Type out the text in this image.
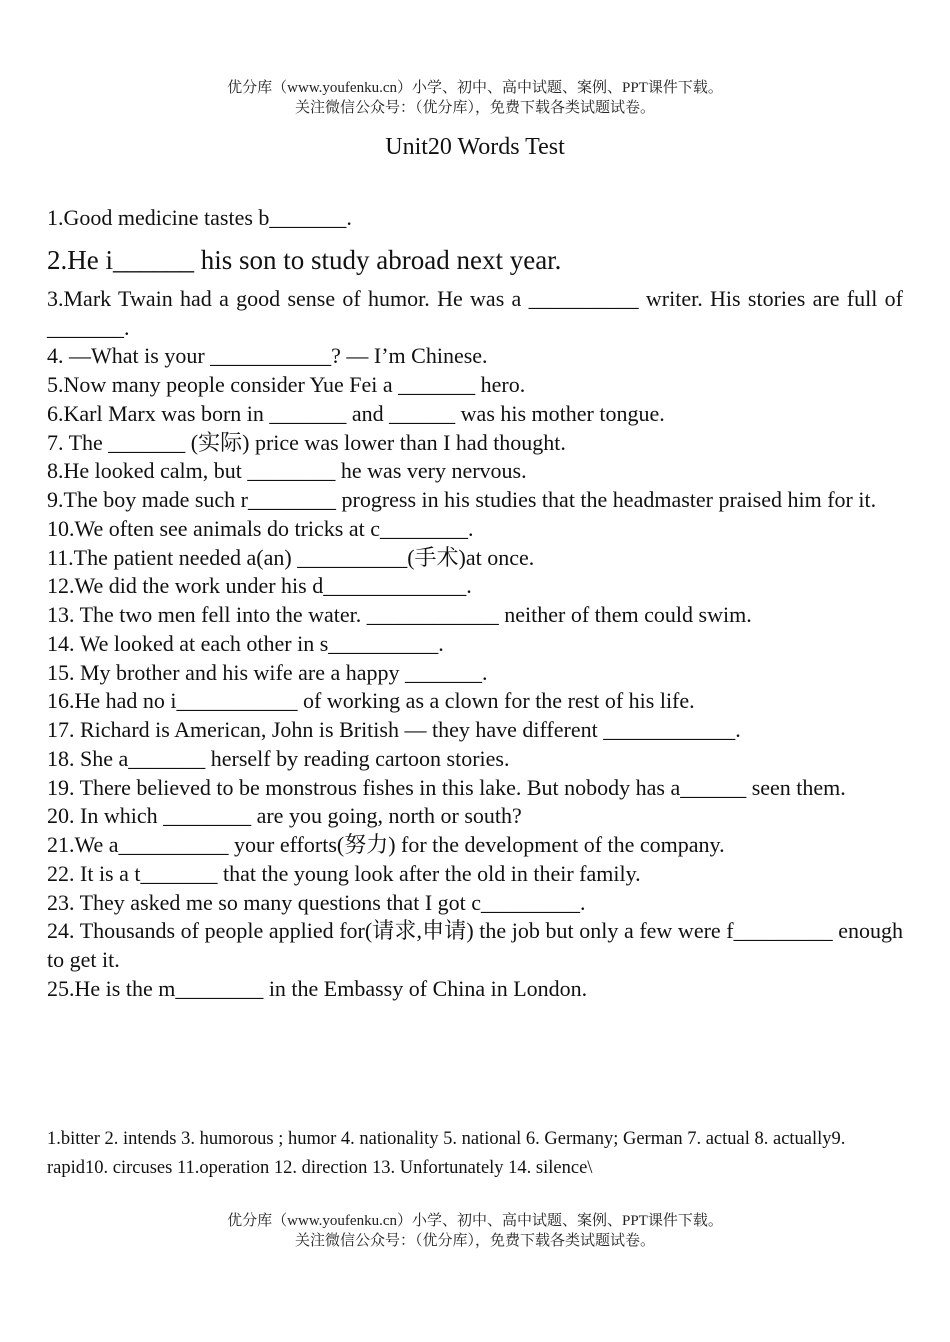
优分库（www.youfenku.cn）小学、初中、高中试题、案例、PPT课件下载。
关注微信公众号：（优分库），免费下载各类试题试卷。
Unit20 Words Test

1.Good medicine tastes b_______.

2.He i______ his son to study abroad next year.

3.Mark Twain had a good sense of humor. He was a __________ writer. His stories are full of _______.

4. —What is your ___________? — I’m Chinese.

5.Now many people consider Yue Fei a _______ hero.

6.Karl Marx was born in _______ and ______ was his mother tongue.

7. The _______ (实际) price was lower than I had thought.

8.He looked calm, but ________ he was very nervous.

9.The boy made such r________ progress in his studies that the headmaster praised him for it.

10.We often see animals do tricks at c________.

11.The patient needed a(an) __________(手术)at once.

12.We did the work under his d_____________.

13. The two men fell into the water. ____________ neither of them could swim.

14. We looked at each other in s__________.

15. My brother and his wife are a happy _______.

16.He had no i___________ of working as a clown for the rest of his life.

17. Richard is American, John is British — they have different ____________.

18. She a_______ herself by reading cartoon stories.

19. There believed to be monstrous fishes in this lake. But nobody has a______ seen them.

20. In which ________ are you going, north or south?

21.We a__________ your efforts(努力) for the development of the company.

22. It is a t_______ that the young look after the old in their family.

23. They asked me so many questions that I got c_________.

24. Thousands of people applied for(请求,申请) the job but only a few were f_________ enough to get it.

25.He is the m________ in the Embassy of China in London.

1.bitter 2. intends 3. humorous ; humor 4. nationality 5. national 6. Germany; German 7. actual 8. actually9. rapid10. circuses 11.operation 12. direction 13. Unfortunately 14. silence\
优分库（www.youfenku.cn）小学、初中、高中试题、案例、PPT课件下载。
关注微信公众号：（优分库），免费下载各类试题试卷。
